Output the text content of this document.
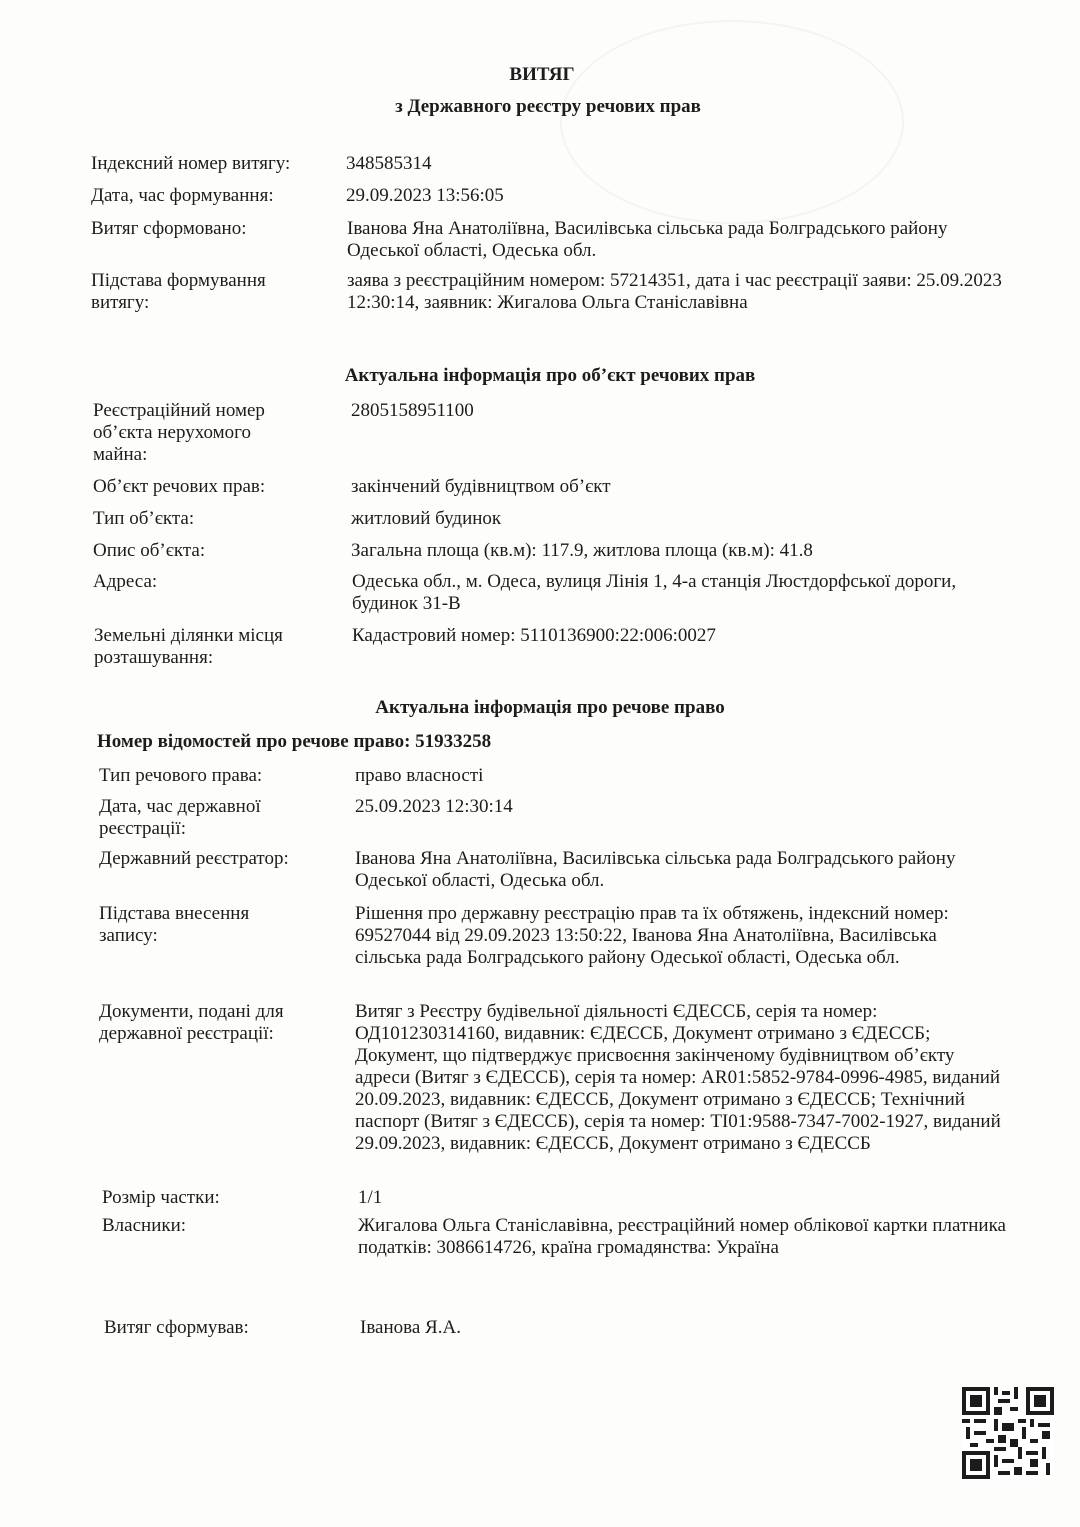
ВИТЯГ
з Державного реєстру речових прав
Індексний номер витягу:	348585314
Дата, час формування:	29.09.2023 13:56:05
Витяг сформовано:	Іванова Яна Анатоліївна, Василівська сільська рада Болградського району Одеської області, Одеська обл.
Підстава формування витягу:
заява з реєстраційним номером: 57214351, дата і час реєстрації заяви: 25.09.2023 12:30:14, заявник: Жигалова Ольга Станіславівна
Актуальна інформація про об’єкт речових прав
Реєстраційний номер об’єкта нерухомого майна:
2805158951100
Об’єкт речових прав:	закінчений будівництвом об’єкт
Тип об’єкта:	житловий будинок
Опис об’єкта:	Загальна площа (кв.м): 117.9, житлова площа (кв.м): 41.8
Адреса:	Одеська обл., м. Одеса, вулиця Лінія 1, 4-а станція Люстдорфської дороги, будинок 31-В
Земельні ділянки місця розташування:
Кадастровий номер: 5110136900:22:006:0027
Актуальна інформація про речове право
Номер відомостей про речове право: 51933258
Тип речового права:	право власності
Дата, час державної реєстрації:
25.09.2023 12:30:14
Державний реєстратор:	Іванова Яна Анатоліївна, Василівська сільська рада Болградського району Одеської області, Одеська обл.
Підстава внесення запису:
Рішення про державну реєстрацію прав та їх обтяжень, індексний номер: 69527044 від 29.09.2023 13:50:22, Іванова Яна Анатоліївна, Василівська сільська рада Болградського району Одеської області, Одеська обл.
Документи, подані для державної реєстрації:
Витяг з Реєстру будівельної діяльності ЄДЕССБ, серія та номер: ОД101230314160, видавник: ЄДЕССБ, Документ отримано з ЄДЕССБ; Документ, що підтверджує присвоєння закінченому будівництвом об’єкту адреси (Витяг з ЄДЕССБ), серія та номер: AR01:5852-9784-0996-4985, виданий 20.09.2023, видавник: ЄДЕССБ, Документ отримано з ЄДЕССБ; Технічний паспорт (Витяг з ЄДЕССБ), серія та номер: TI01:9588-7347-7002-1927, виданий 29.09.2023, видавник: ЄДЕССБ, Документ отримано з ЄДЕССБ
Розмір частки:	1/1
Власники:	Жигалова Ольга Станіславівна, реєстраційний номер облікової картки платника податків: 3086614726, країна громадянства: Україна
Витяг сформував:	Іванова Я.А.
